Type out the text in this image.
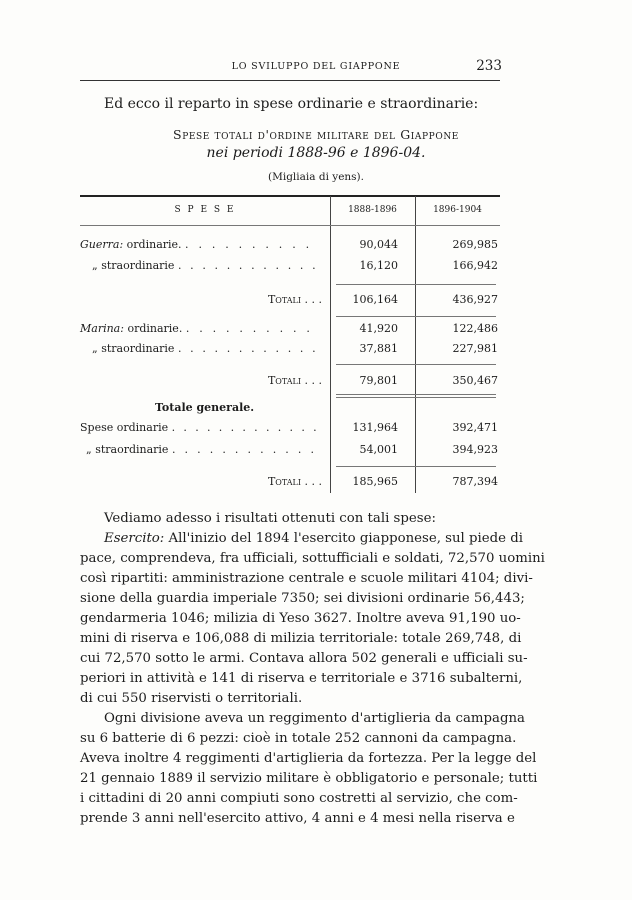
LO SVILUPPO DEL GIAPPONE	233
Ed ecco il reparto in spese ordinarie e straordinarie:
Spese totali d'ordine militare del Giappone
nei periodi 1888-96 e 1896-04.
(Migliaia di yens).
S P E S E	1888-1896	1896-1904
Guerra: ordinarie. . . . . . . . . . .	90,044	269,985
„ straordinarie . . . . . . . . . . . .	16,120	166,942
Totali . . .	106,164	436,927
Marina: ordinarie. . . . . . . . . . .	41,920	122,486
„ straordinarie . . . . . . . . . . . .	37,881	227,981
Totali . . .	79,801	350,467
Totale generale.
Spese ordinarie . . . . . . . . . . . . .	131,964	392,471
„ straordinarie . . . . . . . . . . . .	54,001	394,923
Totali . . .	185,965	787,394
Vediamo adesso i risultati ottenuti con tali spese:
Esercito: All'inizio del 1894 l'esercito giapponese, sul piede di
pace, comprendeva, fra ufficiali, sottufficiali e soldati, 72,570 uomini
così ripartiti: amministrazione centrale e scuole militari 4104; divi-
sione della guardia imperiale 7350; sei divisioni ordinarie 56,443;
gendarmeria 1046; milizia di Yeso 3627. Inoltre aveva 91,190 uo-
mini di riserva e 106,088 di milizia territoriale: totale 269,748, di
cui 72,570 sotto le armi. Contava allora 502 generali e ufficiali su-
periori in attività e 141 di riserva e territoriale e 3716 subalterni,
di cui 550 riservisti o territoriali.
Ogni divisione aveva un reggimento d'artiglieria da campagna
su 6 batterie di 6 pezzi: cioè in totale 252 cannoni da campagna.
Aveva inoltre 4 reggimenti d'artiglieria da fortezza. Per la legge del
21 gennaio 1889 il servizio militare è obbligatorio e personale; tutti
i cittadini di 20 anni compiuti sono costretti al servizio, che com-
prende 3 anni nell'esercito attivo, 4 anni e 4 mesi nella riserva e
